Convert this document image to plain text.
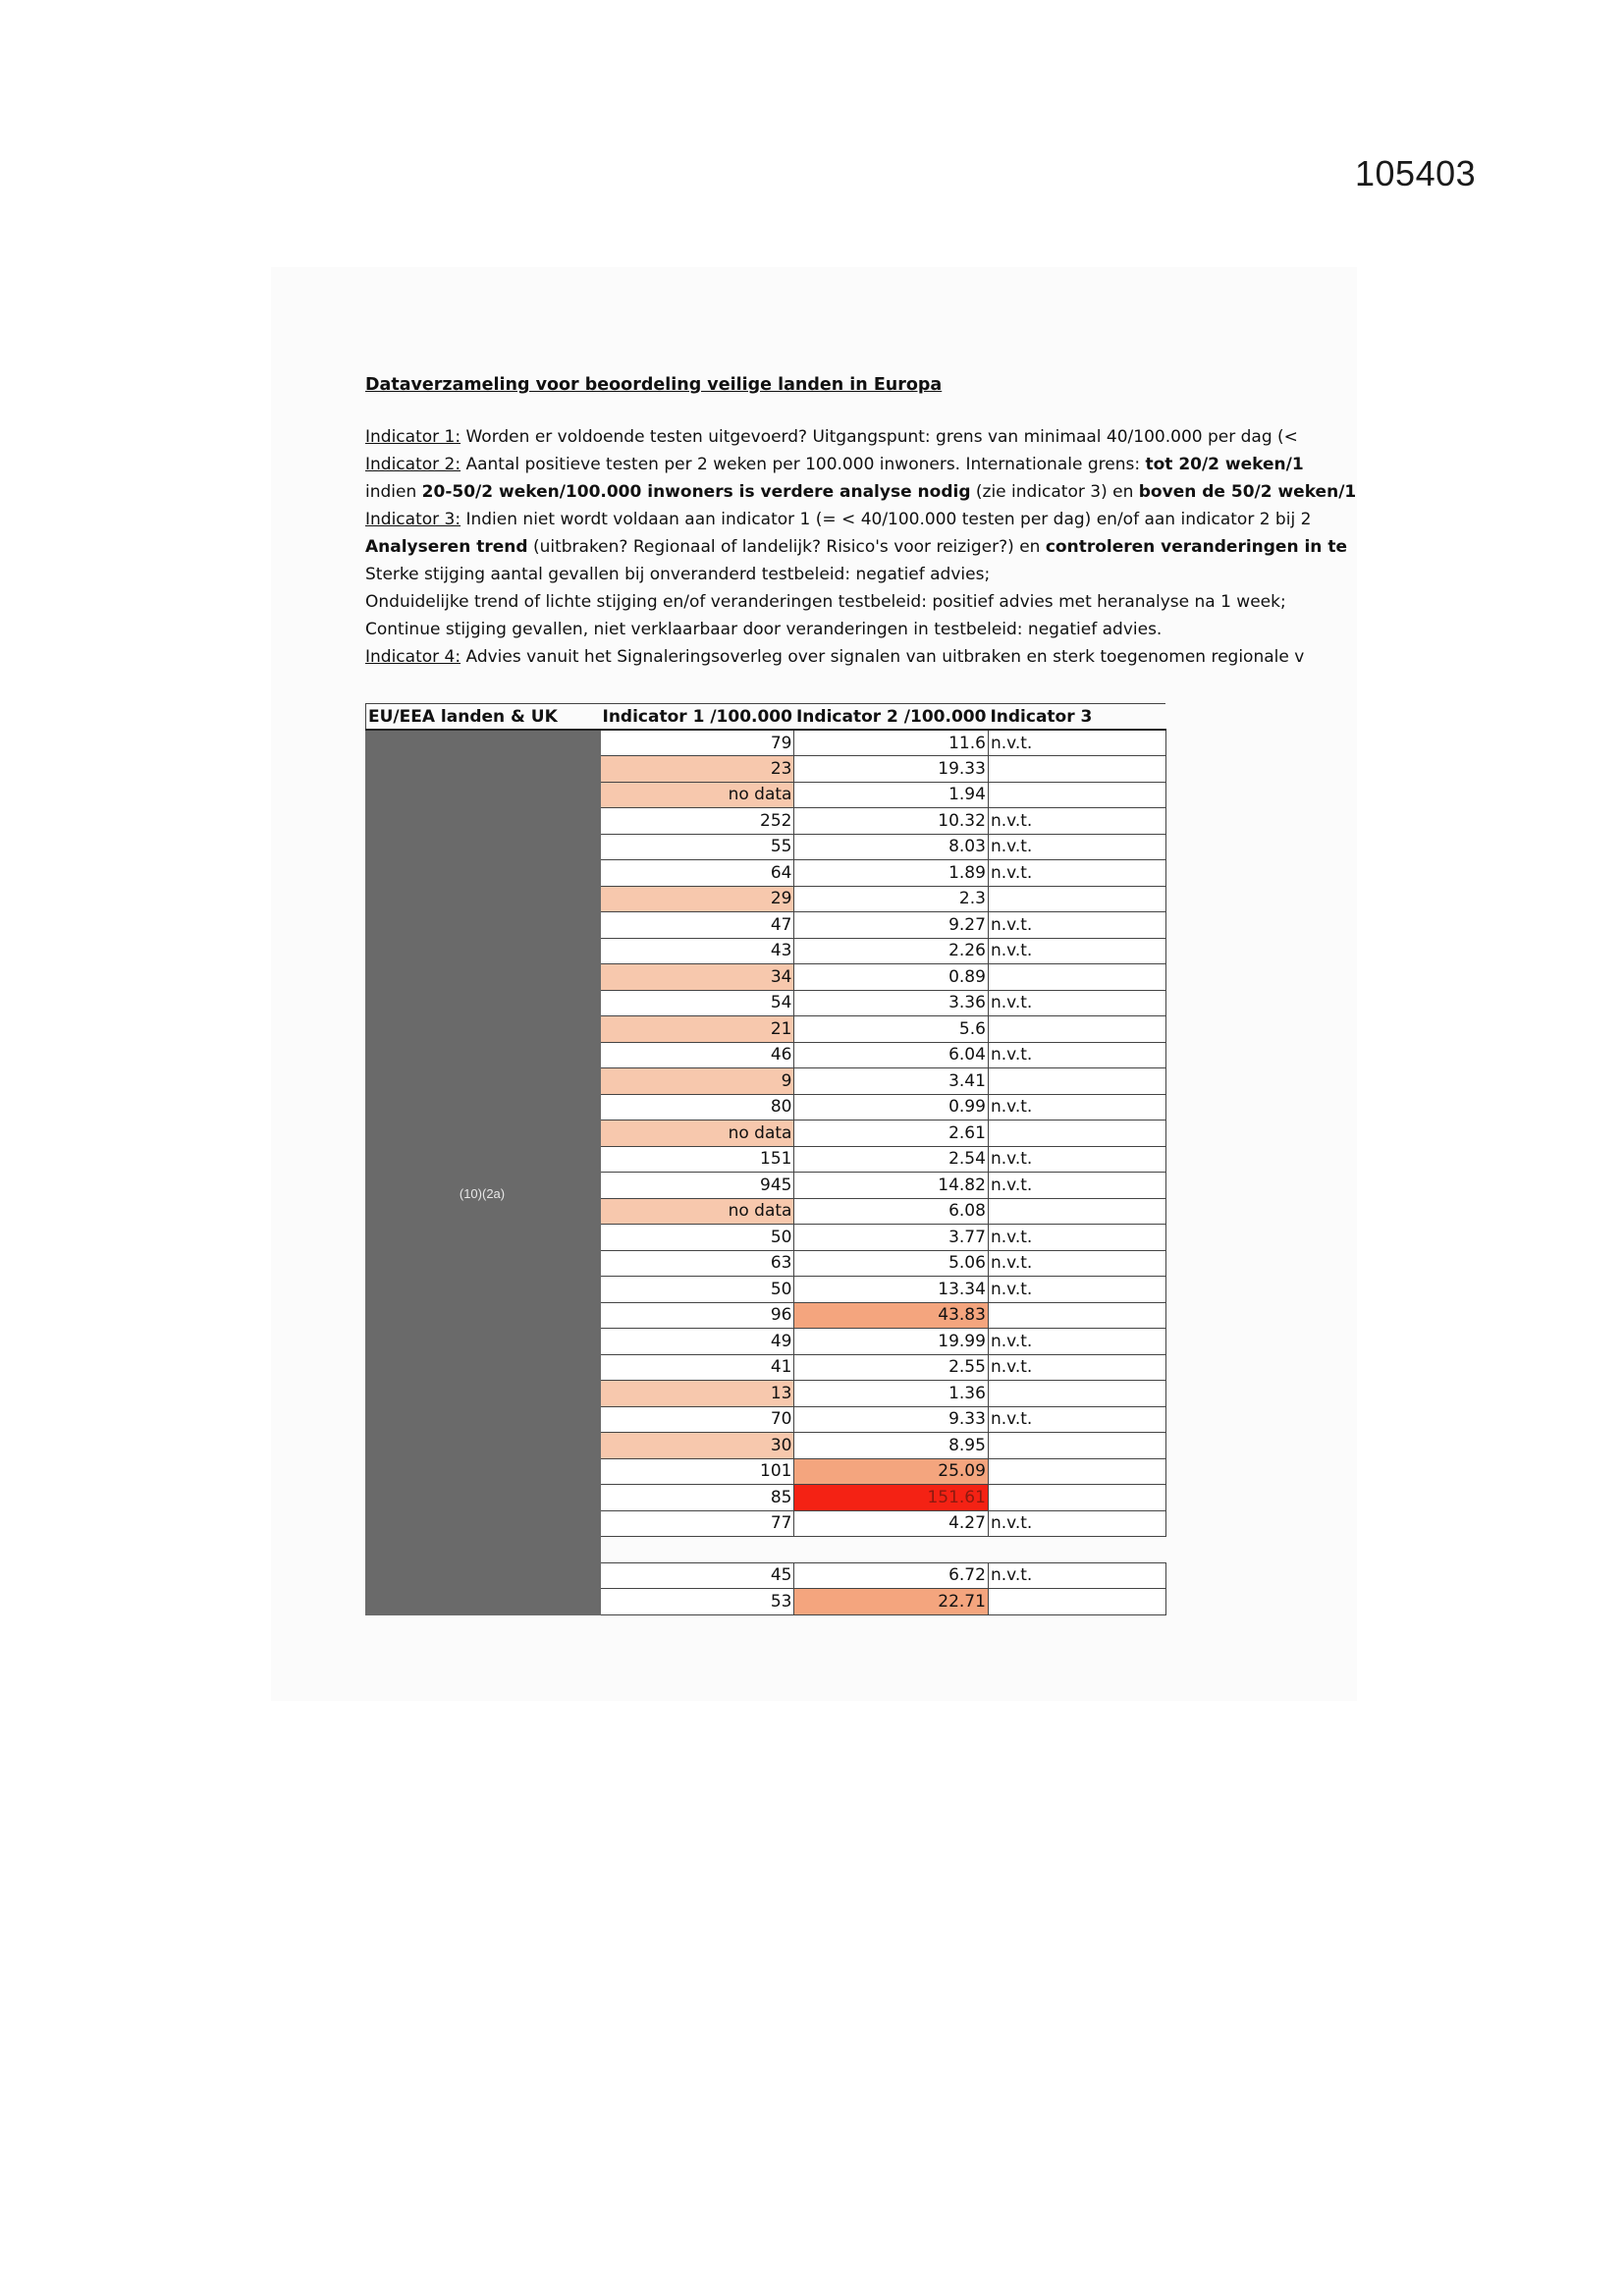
105403
Dataverzameling voor beoordeling veilige landen in Europa
Indicator 1: Worden er voldoende testen uitgevoerd? Uitgangspunt: grens van minimaal 40/100.000 per dag (<
Indicator 2: Aantal positieve testen per 2 weken per 100.000 inwoners. Internationale grens: tot 20/2 weken/1
indien 20-50/2 weken/100.000 inwoners is verdere analyse nodig (zie indicator 3) en boven de 50/2 weken/1
Indicator 3: Indien niet wordt voldaan aan indicator 1 (= < 40/100.000 testen per dag) en/of aan indicator 2 bij 2
Analyseren trend (uitbraken? Regionaal of landelijk? Risico's voor reiziger?) en controleren veranderingen in te
Sterke stijging aantal gevallen bij onveranderd testbeleid: negatief advies;
Onduidelijke trend of lichte stijging en/of veranderingen testbeleid: positief advies met heranalyse na 1 week;
Continue stijging gevallen, niet verklaarbaar door veranderingen in testbeleid: negatief advies.
Indicator 4: Advies vanuit het Signaleringsoverleg over signalen van uitbraken en sterk toegenomen regionale v
EU/EEA landen & UK	Indicator 1 /100.000	Indicator 2 /100.000	Indicator 3
	79	11.6	n.v.t.
	23	19.33	
	no data	1.94	
	252	10.32	n.v.t.
	55	8.03	n.v.t.
	64	1.89	n.v.t.
	29	2.3	
	47	9.27	n.v.t.
	43	2.26	n.v.t.
	34	0.89	
	54	3.36	n.v.t.
	21	5.6	
	46	6.04	n.v.t.
	9	3.41	
	80	0.99	n.v.t.
	no data	2.61	
	151	2.54	n.v.t.
	945	14.82	n.v.t.
	no data	6.08	
	50	3.77	n.v.t.
	63	5.06	n.v.t.
	50	13.34	n.v.t.
	96	43.83	
	49	19.99	n.v.t.
	41	2.55	n.v.t.
	13	1.36	
	70	9.33	n.v.t.
	30	8.95	
	101	25.09	
	85	151.61	
	77	4.27	n.v.t.

	45	6.72	n.v.t.
	53	22.71	
(10)(2a)
